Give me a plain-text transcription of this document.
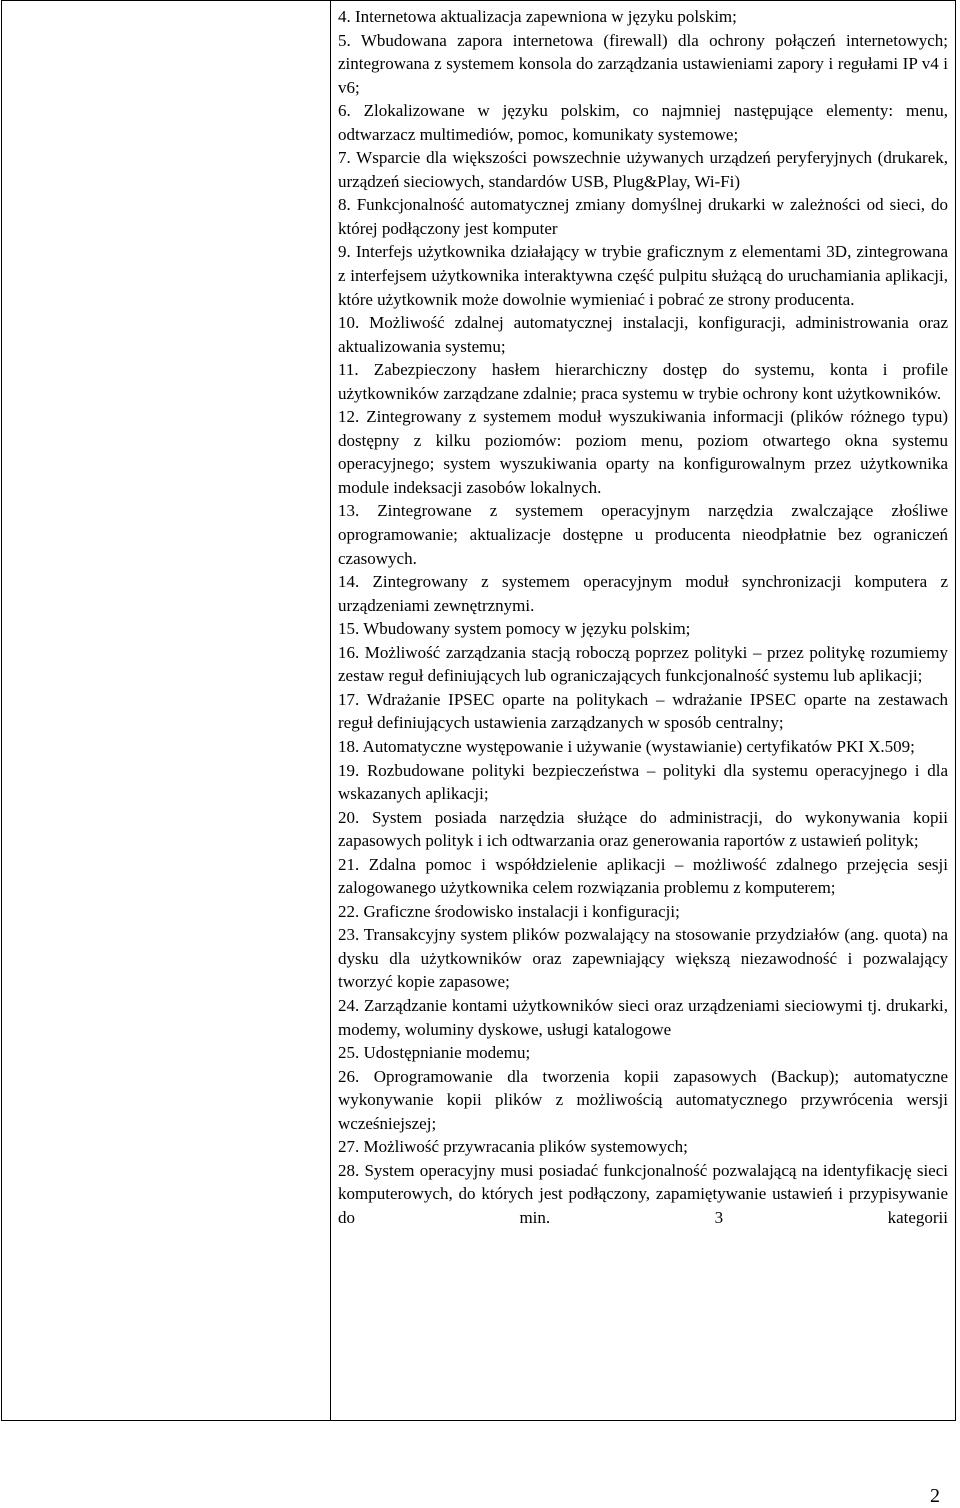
4. Internetowa aktualizacja zapewniona w języku polskim;

5. Wbudowana zapora internetowa (firewall) dla ochrony połączeń internetowych; zintegrowana z systemem konsola do zarządzania ustawieniami zapory i regułami IP v4 i v6;

6. Zlokalizowane w języku polskim, co najmniej następujące elementy: menu, odtwarzacz multimediów, pomoc, komunikaty systemowe;

7. Wsparcie dla większości powszechnie używanych urządzeń peryferyjnych (drukarek, urządzeń sieciowych, standardów USB, Plug&Play, Wi-Fi)

8. Funkcjonalność automatycznej zmiany domyślnej drukarki w zależności od sieci, do której podłączony jest komputer

9. Interfejs użytkownika działający w trybie graficznym z elementami 3D, zintegrowana z interfejsem użytkownika interaktywna część pulpitu służącą do uruchamiania aplikacji, które użytkownik może dowolnie wymieniać i pobrać ze strony producenta.

10. Możliwość zdalnej automatycznej instalacji, konfiguracji, administrowania oraz aktualizowania systemu;

11. Zabezpieczony hasłem hierarchiczny dostęp do systemu, konta i profile użytkowników zarządzane zdalnie; praca systemu w trybie ochrony kont użytkowników.

12. Zintegrowany z systemem moduł wyszukiwania informacji (plików różnego typu) dostępny z kilku poziomów: poziom menu, poziom otwartego okna systemu operacyjnego; system wyszukiwania oparty na konfigurowalnym przez użytkownika module indeksacji zasobów lokalnych.

13. Zintegrowane z systemem operacyjnym narzędzia zwalczające złośliwe oprogramowanie; aktualizacje dostępne u producenta nieodpłatnie bez ograniczeń czasowych.

14. Zintegrowany z systemem operacyjnym moduł synchronizacji komputera z urządzeniami zewnętrznymi.

15. Wbudowany system pomocy w języku polskim;

16. Możliwość zarządzania stacją roboczą poprzez polityki – przez politykę rozumiemy zestaw reguł definiujących lub ograniczających funkcjonalność systemu lub aplikacji;

17. Wdrażanie IPSEC oparte na politykach – wdrażanie IPSEC oparte na zestawach reguł definiujących ustawienia zarządzanych w sposób centralny;

18. Automatyczne występowanie i używanie (wystawianie) certyfikatów PKI X.509;

19. Rozbudowane polityki bezpieczeństwa – polityki dla systemu operacyjnego i dla wskazanych aplikacji;

20. System posiada narzędzia służące do administracji, do wykonywania kopii zapasowych polityk i ich odtwarzania oraz generowania raportów z ustawień polityk;

21. Zdalna pomoc i współdzielenie aplikacji – możliwość zdalnego przejęcia sesji zalogowanego użytkownika celem rozwiązania problemu z komputerem;

22. Graficzne środowisko instalacji i konfiguracji;

23. Transakcyjny system plików pozwalający na stosowanie przydziałów (ang. quota) na dysku dla użytkowników oraz zapewniający większą niezawodność i pozwalający tworzyć kopie zapasowe;

24. Zarządzanie kontami użytkowników sieci oraz urządzeniami sieciowymi tj. drukarki, modemy, woluminy dyskowe, usługi katalogowe

25. Udostępnianie modemu;

26. Oprogramowanie dla tworzenia kopii zapasowych (Backup); automatyczne wykonywanie kopii plików z możliwością automatycznego przywrócenia wersji wcześniejszej;

27. Możliwość przywracania plików systemowych;

28. System operacyjny musi posiadać funkcjonalność pozwalającą na identyfikację sieci komputerowych, do których jest podłączony, zapamiętywanie ustawień i przypisywanie do min. 3 kategorii

2
